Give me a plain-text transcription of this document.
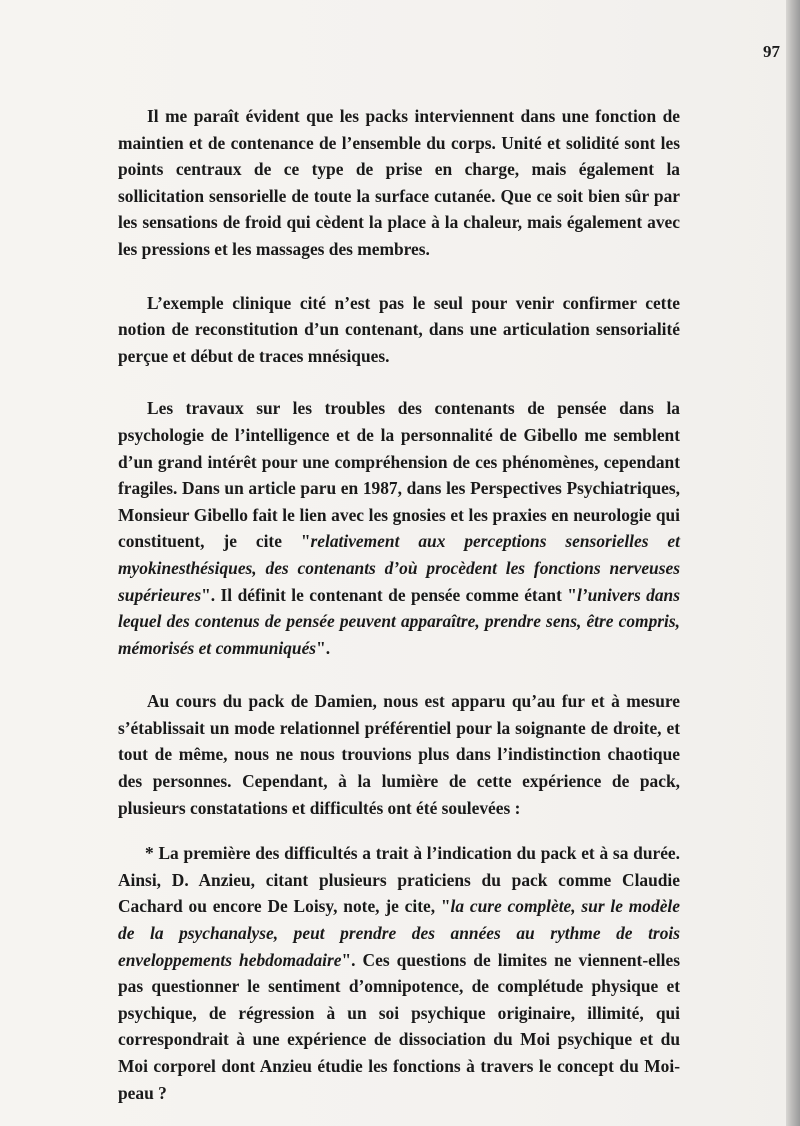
97

Il me paraît évident que les packs interviennent dans une fonction de maintien et de contenance de l’ensemble du corps. Unité et solidité sont les points centraux de ce type de prise en charge, mais également la sollicitation sensorielle de toute la surface cutanée. Que ce soit bien sûr par les sensations de froid qui cèdent la place à la chaleur, mais également avec les pressions et les massages des membres.

L’exemple clinique cité n’est pas le seul pour venir confirmer cette notion de reconstitution d’un contenant, dans une articulation sensorialité perçue et début de traces mnésiques.

Les travaux sur les troubles des contenants de pensée dans la psychologie de l’intelligence et de la personnalité de Gibello me semblent d’un grand intérêt pour une compréhension de ces phénomènes, cependant fragiles. Dans un article paru en 1987, dans les Perspectives Psychiatriques, Monsieur Gibello fait le lien avec les gnosies et les praxies en neurologie qui constituent, je cite "relativement aux perceptions sensorielles et myokinesthésiques, des contenants d’où procèdent les fonctions nerveuses supérieures". Il définit le contenant de pensée comme étant "l’univers dans lequel des contenus de pensée peuvent apparaître, prendre sens, être compris, mémorisés et communiqués".

Au cours du pack de Damien, nous est apparu qu’au fur et à mesure s’établissait un mode relationnel préférentiel pour la soignante de droite, et tout de même, nous ne nous trouvions plus dans l’indistinction chaotique des personnes. Cependant, à la lumière de cette expérience de pack, plusieurs constatations et difficultés ont été soulevées :

* La première des difficultés a trait à l’indication du pack et à sa durée. Ainsi, D. Anzieu, citant plusieurs praticiens du pack comme Claudie Cachard ou encore De Loisy, note, je cite, "la cure complète, sur le modèle de la psychanalyse, peut prendre des années au rythme de trois enveloppements hebdomadaire". Ces questions de limites ne viennent-elles pas questionner le sentiment d’omnipotence, de complétude physique et psychique, de régression à un soi psychique originaire, illimité, qui correspondrait à une expérience de dissociation du Moi psychique et du Moi corporel dont Anzieu étudie les fonctions à travers le concept du Moi-peau ?
